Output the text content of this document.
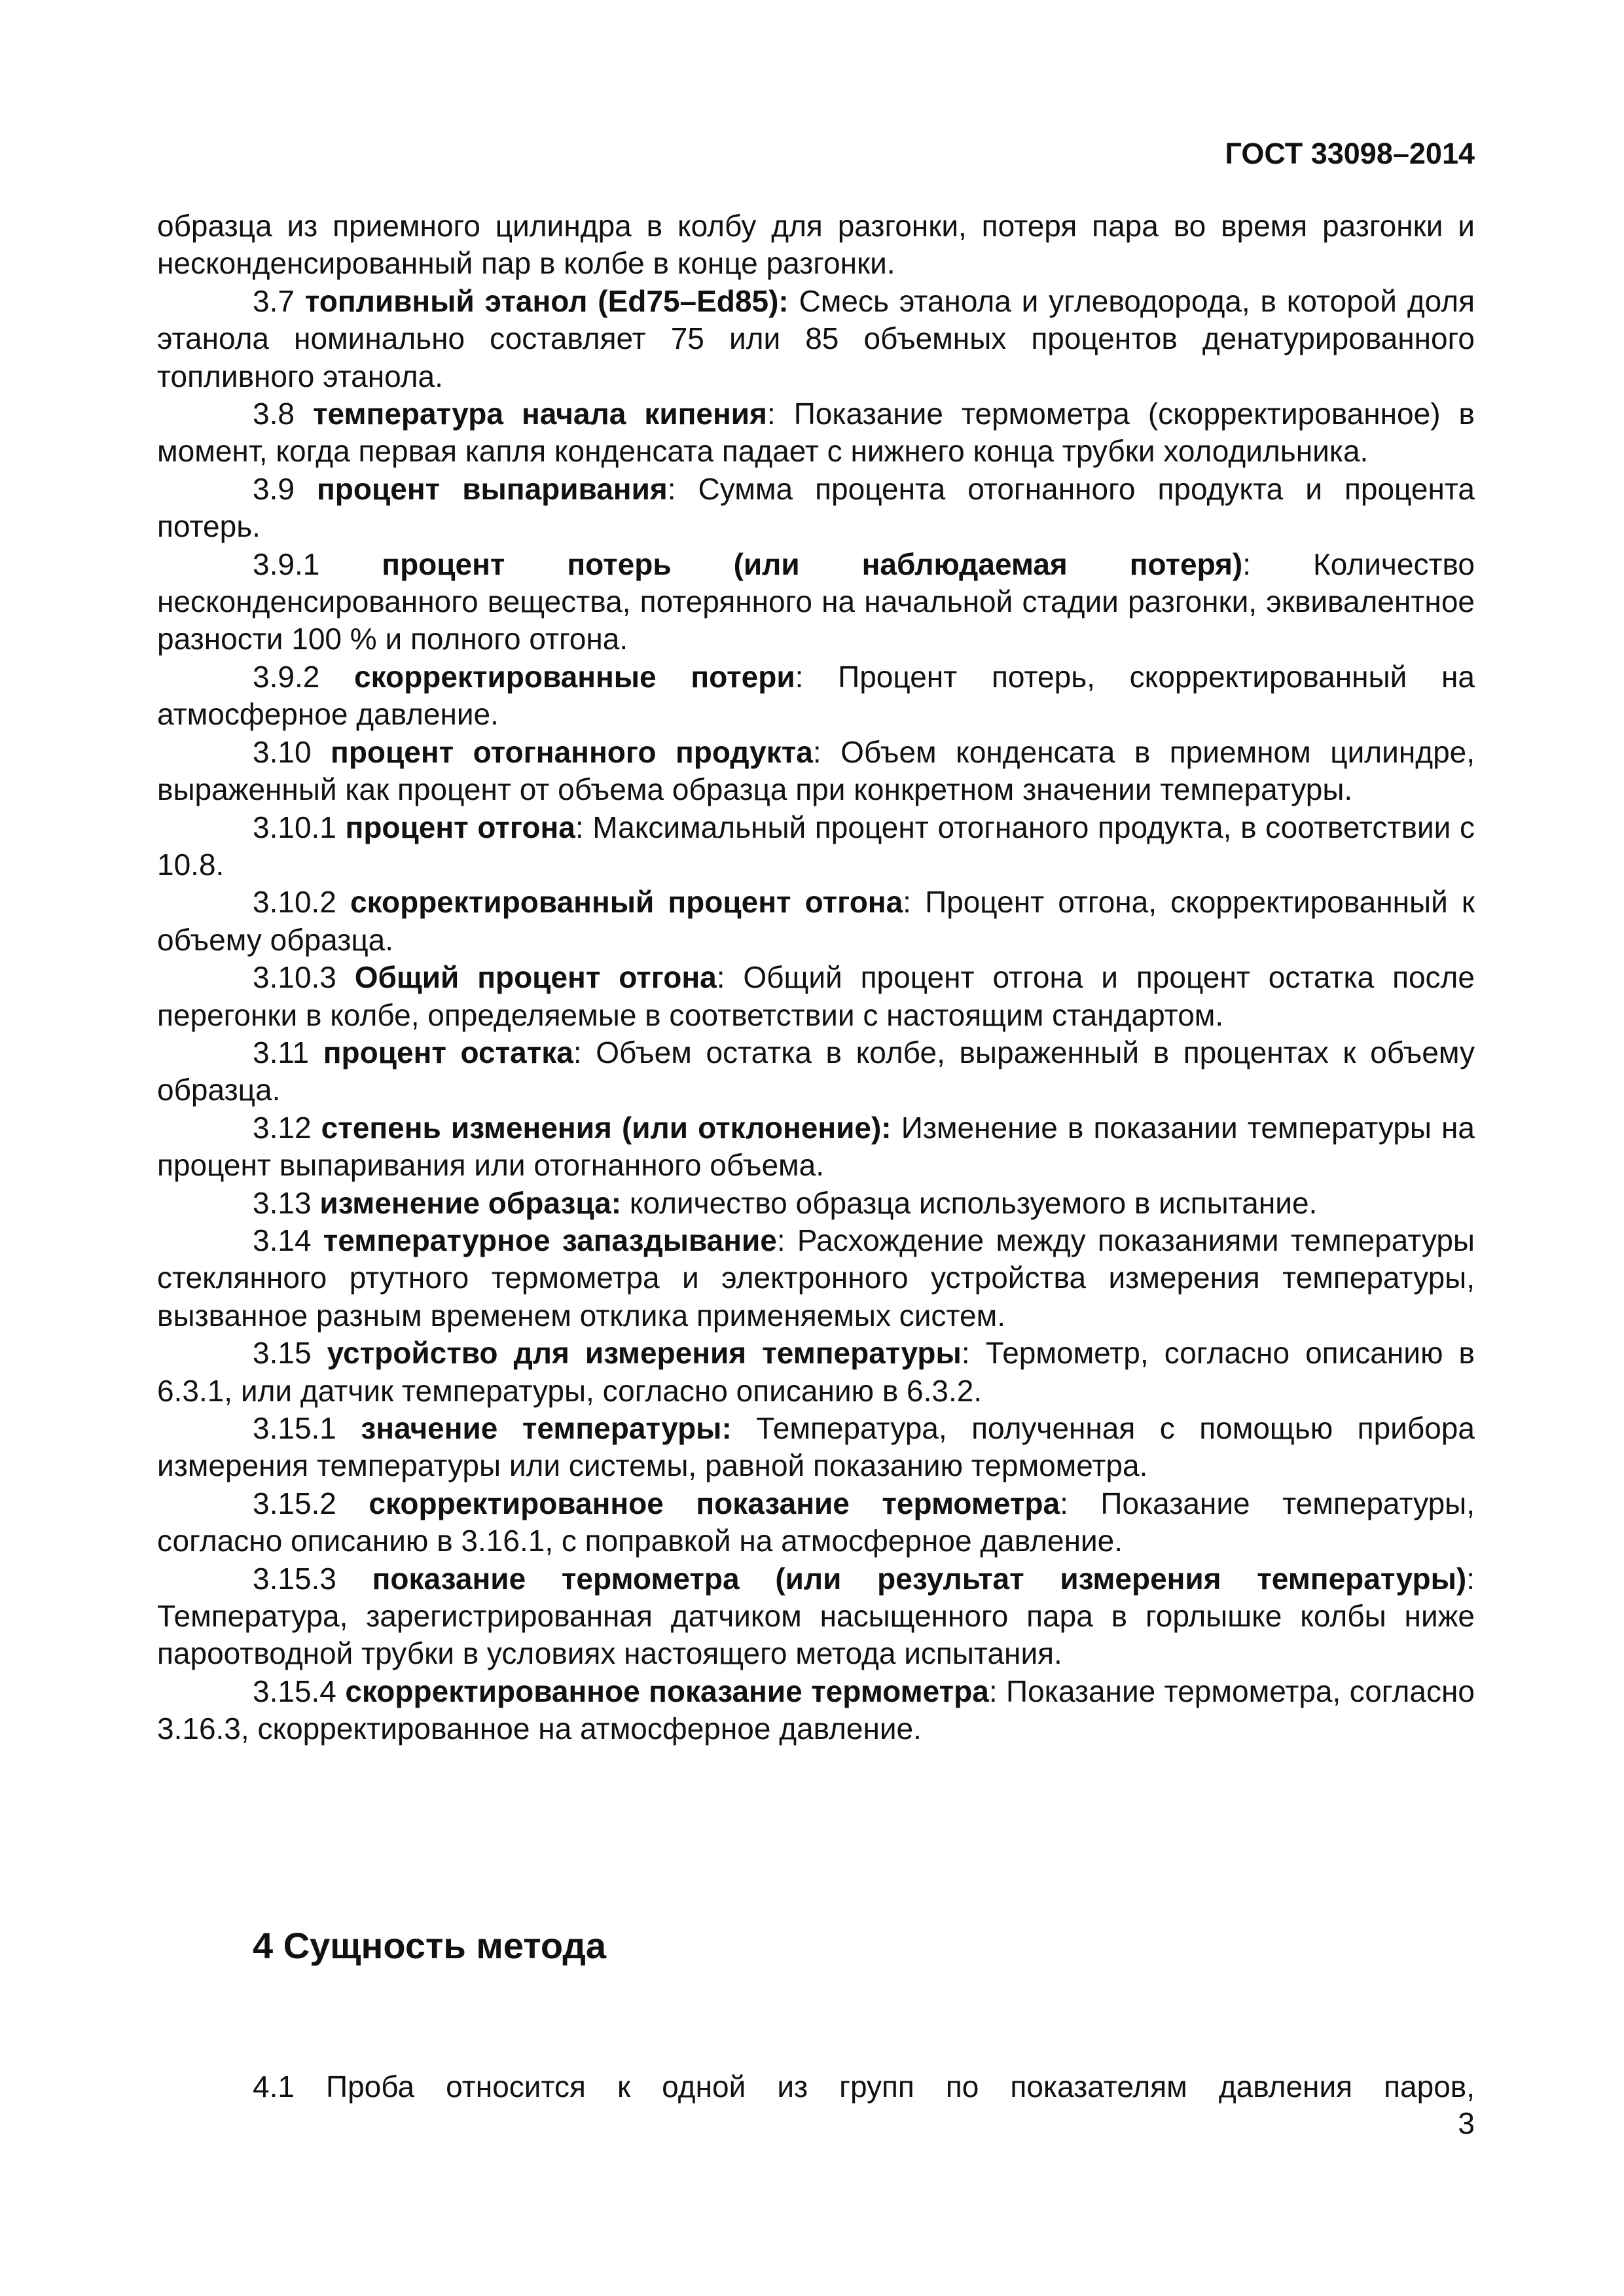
ГОСТ 33098–2014

образца из приемного цилиндра в колбу для разгонки, потеря пара во время разгонки и несконденсированный пар в колбе в конце разгонки.

3.7 топливный этанол (Ed75–Ed85): Смесь этанола и углеводорода, в которой доля этанола номинально составляет 75 или 85 объемных процентов денатурированного топливного этанола.

3.8 температура начала кипения: Показание термометра (скорректированное) в момент, когда первая капля конденсата падает с нижнего конца трубки холодильника.

3.9 процент выпаривания: Сумма процента отогнанного продукта и процента потерь.

3.9.1 процент потерь (или наблюдаемая потеря): Количество несконденсированного вещества, потерянного на начальной стадии разгонки, эквивалентное разности 100 % и полного отгона.

3.9.2 скорректированные потери: Процент потерь, скорректированный на атмосферное давление.

3.10 процент отогнанного продукта: Объем конденсата в приемном цилиндре, выраженный как процент от объема образца при конкретном значении температуры.

3.10.1 процент отгона: Максимальный процент отогнаного продукта, в соответствии с 10.8.

3.10.2 скорректированный процент отгона: Процент отгона, скорректированный к объему образца.

3.10.3 Общий процент отгона: Общий процент отгона и процент остатка после перегонки в колбе, определяемые в соответствии с настоящим стандартом.

3.11 процент остатка: Объем остатка в колбе, выраженный в процентах к объему образца.

3.12 степень изменения (или отклонение): Изменение в показании температуры на процент выпаривания или отогнанного объема.

3.13 изменение образца: количество образца используемого в испытание.

3.14 температурное запаздывание: Расхождение между показаниями температуры стеклянного ртутного термометра и электронного устройства измерения температуры, вызванное разным временем отклика применяемых систем.

3.15 устройство для измерения температуры: Термометр, согласно описанию в 6.3.1, или датчик температуры, согласно описанию в 6.3.2.

3.15.1 значение температуры: Температура, полученная с помощью прибора измерения температуры или системы, равной показанию термометра.

3.15.2 скорректированное показание термометра: Показание температуры, согласно описанию в 3.16.1, с поправкой на атмосферное давление.

3.15.3 показание термометра (или результат измерения температуры): Температура, зарегистрированная датчиком насыщенного пара в горлышке колбы ниже пароотводной трубки в условиях настоящего метода испытания.

3.15.4 скорректированное показание термометра: Показание термометра, согласно 3.16.3, скорректированное на атмосферное давление.

4 Сущность метода

4.1 Проба относится к одной из групп по показателям давления паров,

3
